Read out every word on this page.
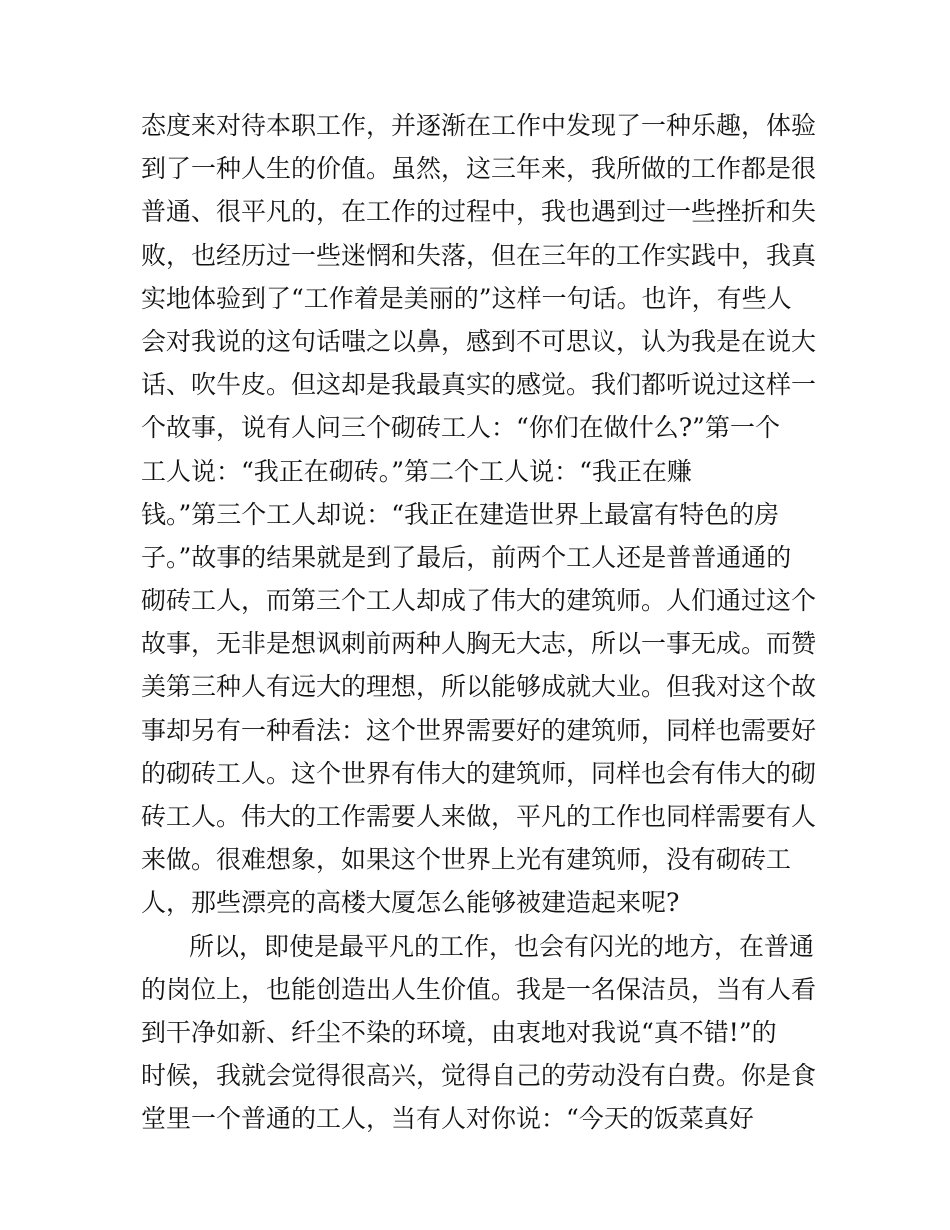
态度来对待本职工作，并逐渐在工作中发现了一种乐趣，体验
到了一种人生的价值。虽然，这三年来，我所做的工作都是很
普通、很平凡的，在工作的过程中，我也遇到过一些挫折和失
败，也经历过一些迷惘和失落，但在三年的工作实践中，我真
实地体验到了“工作着是美丽的”这样一句话。也许，有些人
会对我说的这句话嗤之以鼻，感到不可思议，认为我是在说大
话、吹牛皮。但这却是我最真实的感觉。我们都听说过这样一
个故事，说有人问三个砌砖工人：“你们在做什么?”第一个
工人说：“我正在砌砖。”第二个工人说：“我正在赚
钱。”第三个工人却说：“我正在建造世界上最富有特色的房
子。”故事的结果就是到了最后，前两个工人还是普普通通的
砌砖工人，而第三个工人却成了伟大的建筑师。人们通过这个
故事，无非是想讽刺前两种人胸无大志，所以一事无成。而赞
美第三种人有远大的理想，所以能够成就大业。但我对这个故
事却另有一种看法：这个世界需要好的建筑师，同样也需要好
的砌砖工人。这个世界有伟大的建筑师，同样也会有伟大的砌
砖工人。伟大的工作需要人来做，平凡的工作也同样需要有人
来做。很难想象，如果这个世界上光有建筑师，没有砌砖工
人，那些漂亮的高楼大厦怎么能够被建造起来呢?
所以，即使是最平凡的工作，也会有闪光的地方，在普通
的岗位上，也能创造出人生价值。我是一名保洁员，当有人看
到干净如新、纤尘不染的环境，由衷地对我说“真不错!”的
时候，我就会觉得很高兴，觉得自己的劳动没有白费。你是食
堂里一个普通的工人，当有人对你说：“今天的饭菜真好
